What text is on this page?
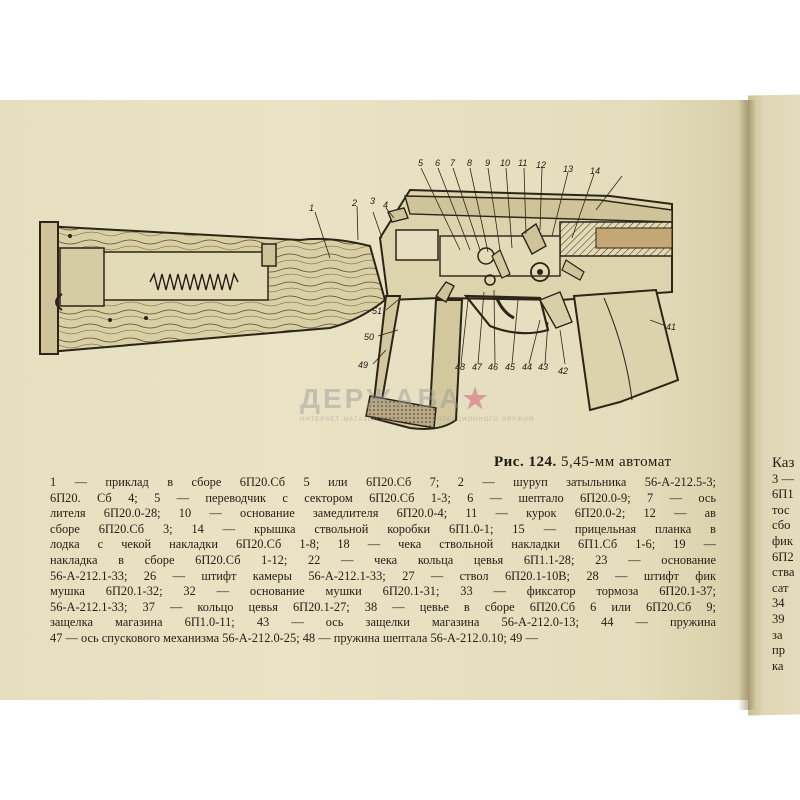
1	2 3 4
5 6 7 8 9 10 11 12 13 14
41
42
43
44
45
46
47
48
49
50
51
ДЕРЖАВА★
ИНТЕРНЕТ-МАГАЗИН БОЕВОГО И КОЛЛЕКЦИОННОГО ОРУЖИЯ
Рис. 124. 5,45-мм автомат
1 — приклад в сборе 6П20.Сб 5 или 6П20.Сб 7; 2 — шуруп затыльника 56-А-212.5-3;
6П20. Сб 4; 5 — переводчик с сектором 6П20.Сб 1-3; 6 — шептало 6П20.0-9; 7 — ось
лителя 6П20.0-28; 10 — основание замедлителя 6П20.0-4; 11 — курок 6П20.0-2; 12 — ав
сборе 6П20.Сб 3; 14 — крышка ствольной коробки 6П1.0-1; 15 — прицельная планка в
лодка с чекой накладки 6П20.Сб 1-8; 18 — чека ствольной накладки 6П1.Сб 1-6; 19 —
накладка в сборе 6П20.Сб 1-12; 22 — чека кольца цевья 6П1.1-28; 23 — основание
56-А-212.1-33; 26 — штифт камеры 56-А-212.1-33; 27 — ствол 6П20.1-10В; 28 — штифт фик
мушка 6П20.1-32; 32 — основание мушки 6П20.1-31; 33 — фиксатор тормоза 6П20.1-37;
56-А-212.1-33; 37 — кольцо цевья 6П20.1-27; 38 — цевье в сборе 6П20.Сб 6 или 6П20.Сб 9;
защелка магазина 6П1.0-11; 43 — ось защелки магазина 56-А-212.0-13; 44 — пружина
47 — ось спускового механизма 56-А-212.0-25; 48 — пружина шептала 56-А-212.0.10; 49 —
Каз
3 —
6П1
тос
сбо
фик
6П2
ства
сат
34
39
за
пр
ка
